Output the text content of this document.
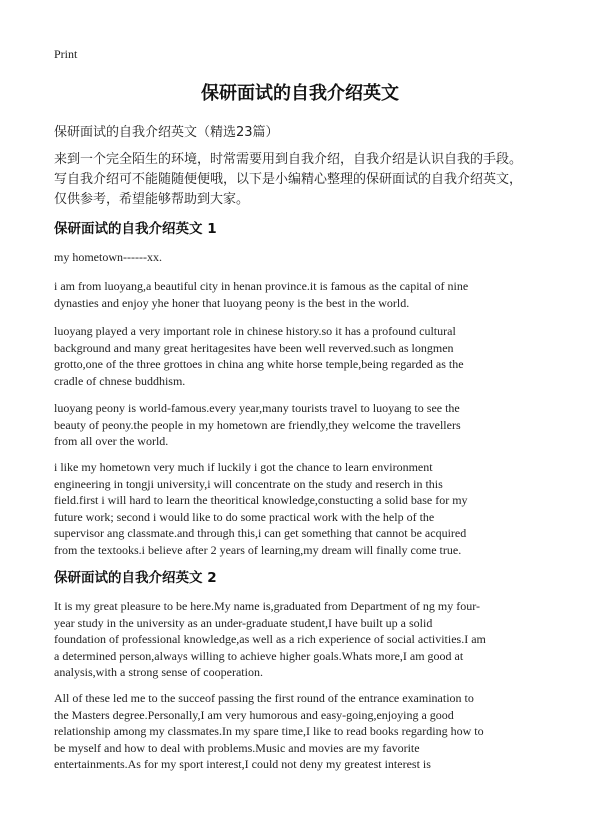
Print
保研面试的自我介绍英文
保研面试的自我介绍英文（精选23篇）
来到一个完全陌生的环境，时常需要用到自我介绍，自我介绍是认识自我的手段。
写自我介绍可不能随随便便哦，以下是小编精心整理的保研面试的自我介绍英文，
仅供参考，希望能够帮助到大家。
保研面试的自我介绍英文 1
my hometown------xx.
i am from luoyang,a beautiful city in henan province.it is famous as the capital of nine
dynasties and enjoy yhe honer that luoyang peony is the best in the world.
luoyang played a very important role in chinese history.so it has a profound cultural
background and many great heritagesites have been well reverved.such as longmen
grotto,one of the three grottoes in china ang white horse temple,being regarded as the
cradle of chnese buddhism.
luoyang peony is world-famous.every year,many tourists travel to luoyang to see the
beauty of peony.the people in my hometown are friendly,they welcome the travellers
from all over the world.
i like my hometown very much if luckily i got the chance to learn environment
engineering in tongji university,i will concentrate on the study and reserch in this
field.first i will hard to learn the theoritical knowledge,constucting a solid base for my
future work; second i would like to do some practical work with the help of the
supervisor ang classmate.and through this,i can get something that cannot be acquired
from the textooks.i believe after 2 years of learning,my dream will finally come true.
保研面试的自我介绍英文 2
It is my great pleasure to be here.My name is,graduated from Department of ng my four-
year study in the university as an under-graduate student,I have built up a solid
foundation of professional knowledge,as well as a rich experience of social activities.I am
a determined person,always willing to achieve higher goals.Whats more,I am good at
analysis,with a strong sense of cooperation.
All of these led me to the succeof passing the first round of the entrance examination to
the Masters degree.Personally,I am very humorous and easy-going,enjoying a good
relationship among my classmates.In my spare time,I like to read books regarding how to
be myself and how to deal with problems.Music and movies are my favorite
entertainments.As for my sport interest,I could not deny my greatest interest is
